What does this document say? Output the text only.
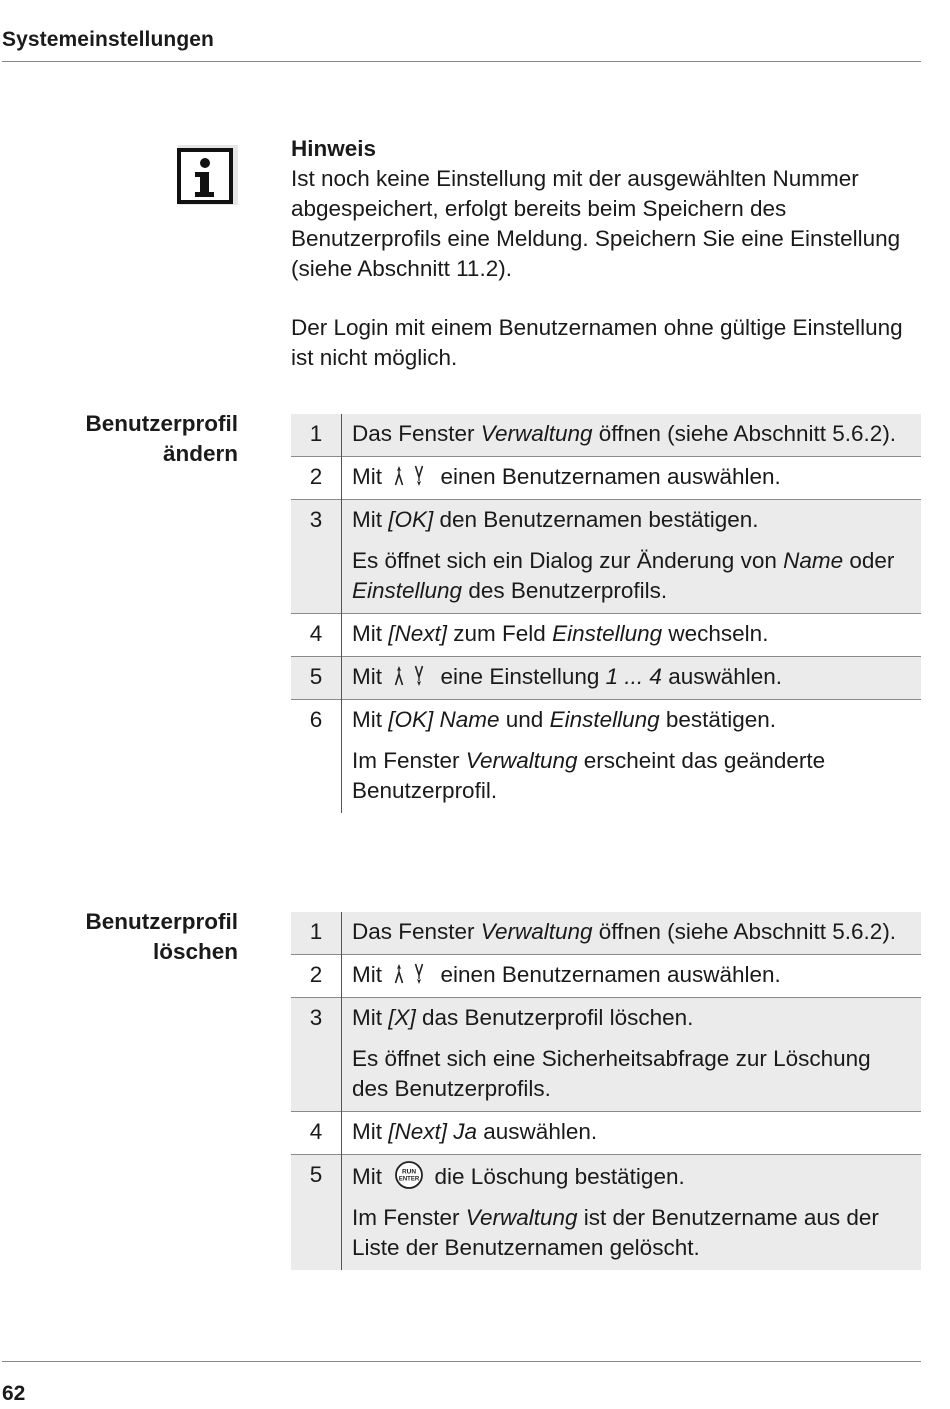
Systemeinstellungen

Hinweis

Ist noch keine Einstellung mit der ausgewählten Nummer abgespeichert, erfolgt bereits beim Speichern des Benutzerprofils eine Meldung. Speichern Sie eine Einstellung (siehe Abschnitt 11.2).

Der Login mit einem Benutzernamen ohne gültige Einstellung ist nicht möglich.

Benutzerprofil
ändern
1	Das Fenster Verwaltung öffnen (siehe Abschnitt 5.6.2).
2	Mit einen Benutzernamen auswählen.
3	Mit [OK] den Benutzernamen bestätigen.
Es öffnet sich ein Dialog zur Änderung von Name oder Einstellung des Benutzerprofils.

4	Mit [Next] zum Feld Einstellung wechseln.
5	Mit eine Einstellung 1 ... 4 auswählen.
6	Mit [OK] Name und Einstellung bestätigen.
Im Fenster Verwaltung erscheint das geänderte Benutzerprofil.
Benutzerprofil
löschen
1	Das Fenster Verwaltung öffnen (siehe Abschnitt 5.6.2).
2	Mit einen Benutzernamen auswählen.
3	Mit [X] das Benutzerprofil löschen.
Es öffnet sich eine Sicherheitsabfrage zur Löschung des Benutzerprofils.

4	Mit [Next] Ja auswählen.
5	Mit RUN
ENTER die Löschung bestätigen.
Im Fenster Verwaltung ist der Benutzername aus der Liste der Benutzernamen gelöscht.
62
